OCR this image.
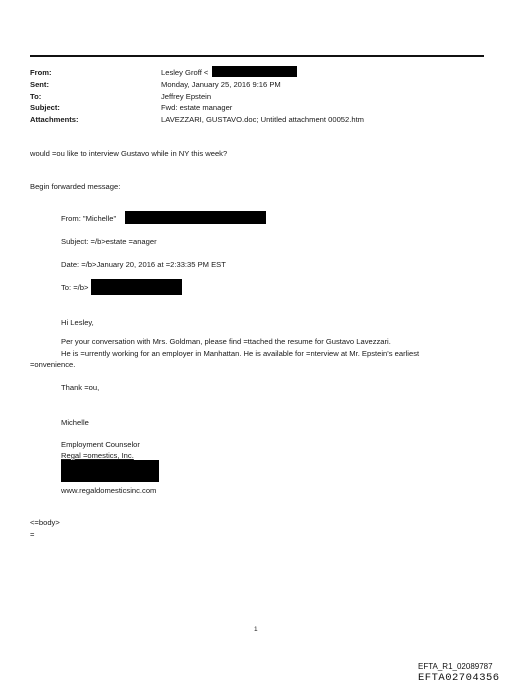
From:
Sent:
To:
Subject:
Attachments:
Lesley Groff <
Monday, January 25, 2016 9:16 PM
Jeffrey Epstein
Fwd: estate manager
LAVEZZARI, GUSTAVO.doc; Untitled attachment 00052.htm
would =ou like to interview Gustavo while in NY this week?
Begin forwarded message:
From: "Michelle"
Subject: =/b>estate =anager
Date: =/b>January 20, 2016 at =2:33:35 PM EST
To: =/b>
Hi Lesley,
Per your conversation with Mrs. Goldman, please find =ttached the resume for Gustavo Lavezzari.
He is =urrently working for an employer in Manhattan. He is available for =nterview at Mr. Epstein's earliest
=onvenience.
Thank =ou,
Michelle
Employment Counselor
Regal =omestics, Inc.
www.regaldomesticsinc.com
<=body>
=
1
EFTA_R1_02089787
EFTA02704356
